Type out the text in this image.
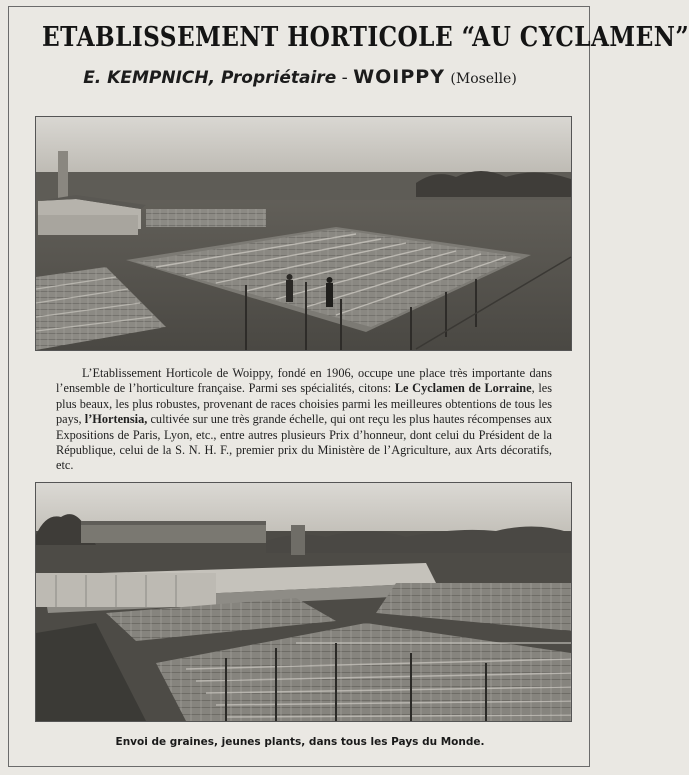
ETABLISSEMENT HORTICOLE “AU CYCLAMEN”
E. KEMPNICH, Propriétaire - WOIPPY (Moselle)
L’Etablissement Horticole de Woippy, fondé en 1906, occupe une place très importante dans l’ensemble de l’horticulture française. Parmi ses spécialités, citons: Le Cyclamen de Lorraine, les plus beaux, les plus robustes, provenant de races choisies parmi les meilleures obtentions de tous les pays, l’Hortensia, cultivée sur une très grande échelle, qui ont reçu les plus hautes récompenses aux Expositions de Paris, Lyon, etc., entre autres plusieurs Prix d’honneur, dont celui du Président de la République, celui de la S. N. H. F., premier prix du Ministère de l’Agriculture, aux Arts décoratifs, etc.
Envoi de graines, jeunes plants, dans tous les Pays du Monde.
